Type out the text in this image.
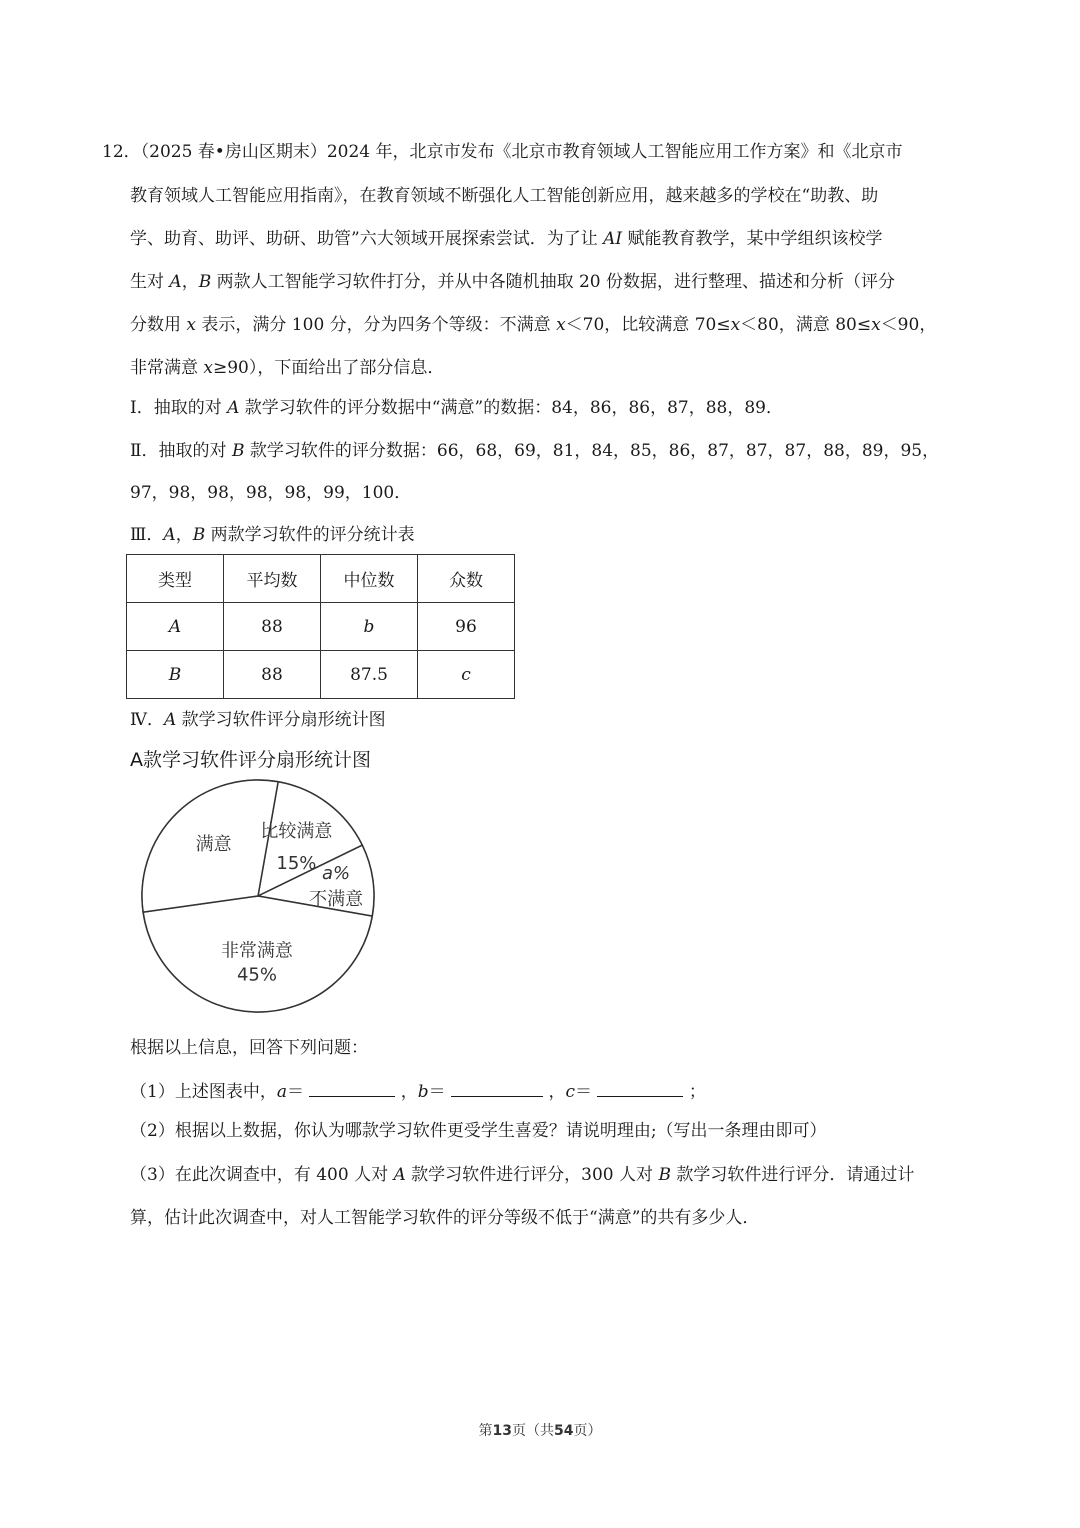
12．（2025 春•房山区期末）2024 年，北京市发布《北京市教育领域人工智能应用工作方案》和《北京市
教育领域人工智能应用指南》，在教育领域不断强化人工智能创新应用，越来越多的学校在“助教、助
学、助育、助评、助研、助管”六大领域开展探索尝试．为了让 AI 赋能教育教学，某中学组织该校学
生对 A，B 两款人工智能学习软件打分，并从中各随机抽取 20 份数据，进行整理、描述和分析（评分
分数用 x 表示，满分 100 分，分为四务个等级：不满意 x＜70，比较满意 70≤x＜80，满意 80≤x＜90，
非常满意 x≥90），下面给出了部分信息．
Ⅰ．抽取的对 A 款学习软件的评分数据中“满意”的数据：84，86，86，87，88，89．
Ⅱ．抽取的对 B 款学习软件的评分数据：66，68，69，81，84，85，86，87，87，87，88，89，95，
97，98，98，98，98，99，100．
Ⅲ．A，B 两款学习软件的评分统计表
类型	平均数	中位数	众数
A	88	b	96
B	88	87.5	c
Ⅳ．A 款学习软件评分扇形统计图
A款学习软件评分扇形统计图
比较满意
15% a%
不满意
非常满意
45%
满意
根据以上信息，回答下列问题：
（1）上述图表中，a＝	，b＝	，c＝	；
（2）根据以上数据，你认为哪款学习软件更受学生喜爱？请说明理由;（写出一条理由即可）
（3）在此次调查中，有 400 人对 A 款学习软件进行评分，300 人对 B 款学习软件进行评分．请通过计
算，估计此次调查中，对人工智能学习软件的评分等级不低于“满意”的共有多少人．
第13页（共54页）
